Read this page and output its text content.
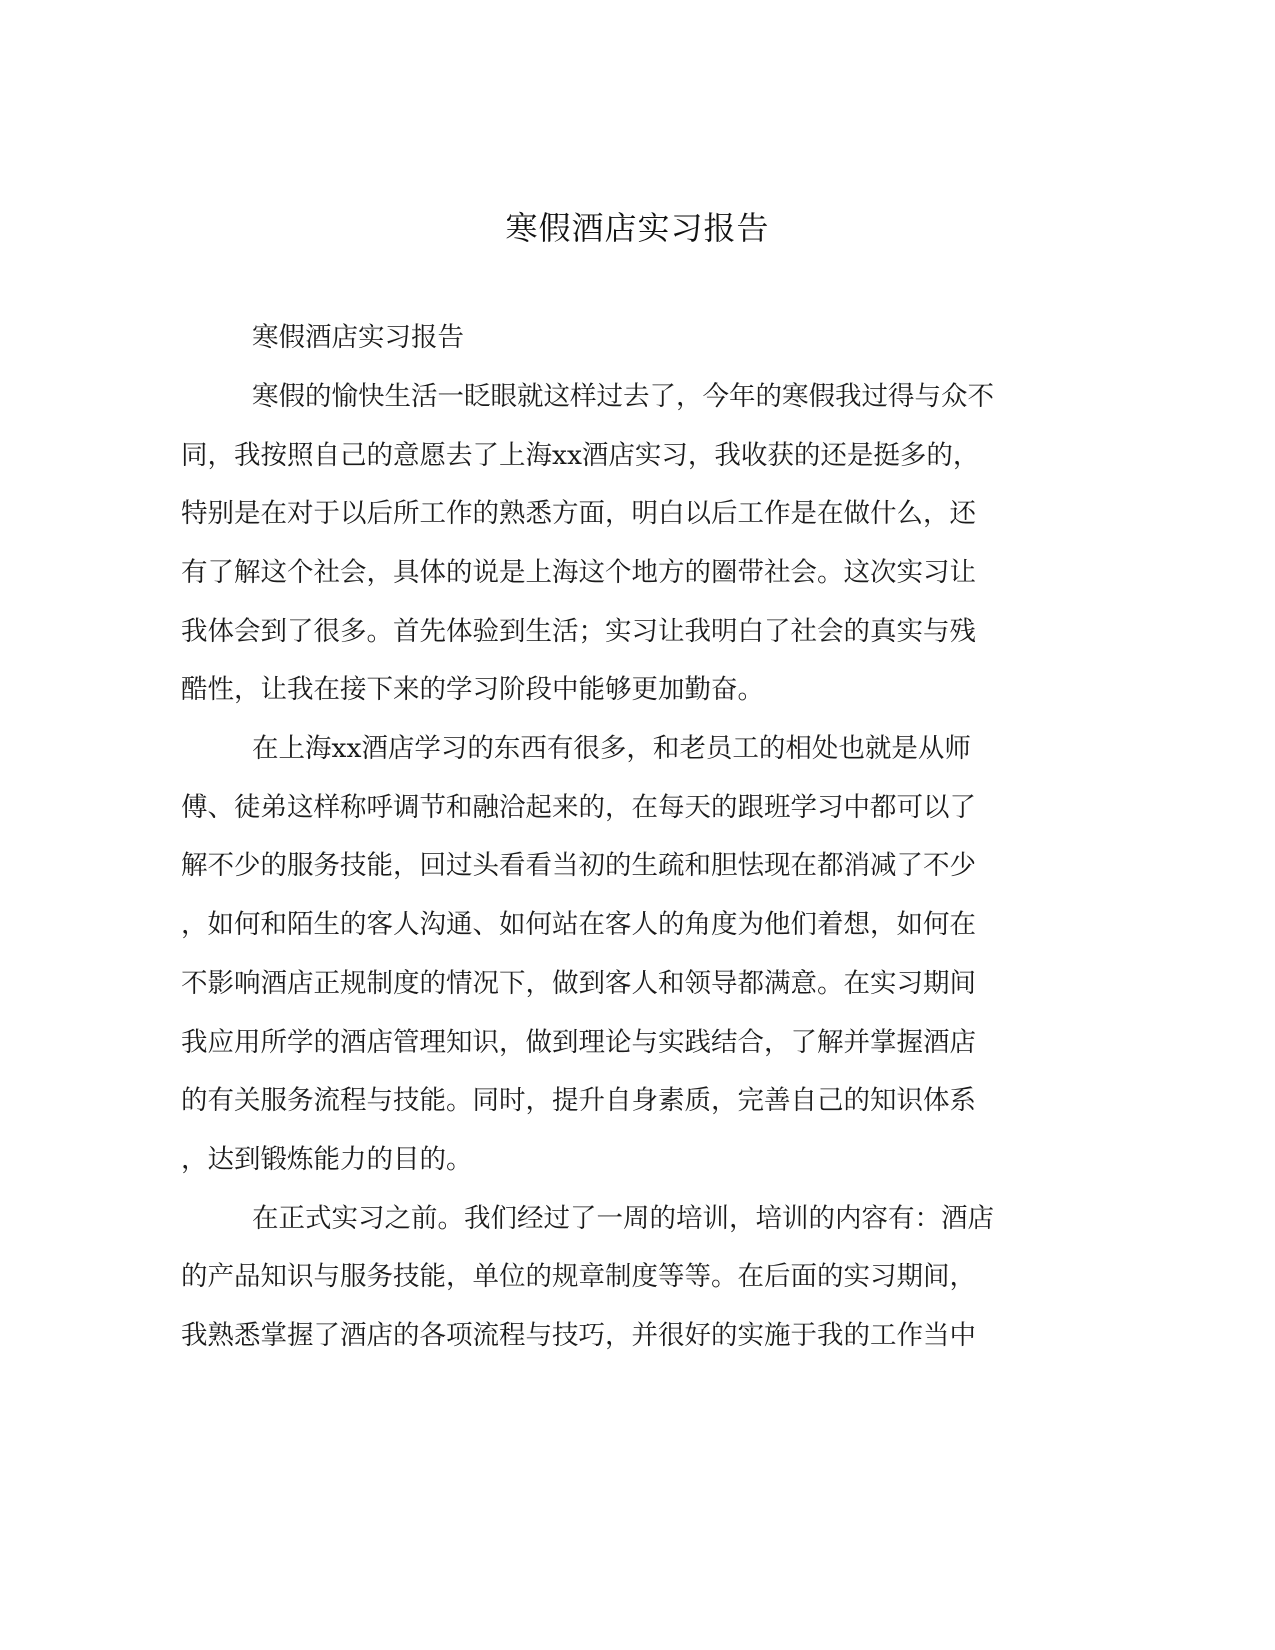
寒假酒店实习报告
寒假酒店实习报告
寒假的愉快生活一眨眼就这样过去了，今年的寒假我过得与众不
同，我按照自己的意愿去了上海xx酒店实习，我收获的还是挺多的，
特别是在对于以后所工作的熟悉方面，明白以后工作是在做什么，还
有了解这个社会，具体的说是上海这个地方的圈带社会。这次实习让
我体会到了很多。首先体验到生活；实习让我明白了社会的真实与残
酷性，让我在接下来的学习阶段中能够更加勤奋。
在上海xx酒店学习的东西有很多，和老员工的相处也就是从师
傅、徒弟这样称呼调节和融洽起来的，在每天的跟班学习中都可以了
解不少的服务技能，回过头看看当初的生疏和胆怯现在都消减了不少
，如何和陌生的客人沟通、如何站在客人的角度为他们着想，如何在
不影响酒店正规制度的情况下，做到客人和领导都满意。在实习期间
我应用所学的酒店管理知识，做到理论与实践结合，了解并掌握酒店
的有关服务流程与技能。同时，提升自身素质，完善自己的知识体系
，达到锻炼能力的目的。
在正式实习之前。我们经过了一周的培训，培训的内容有：酒店
的产品知识与服务技能，单位的规章制度等等。在后面的实习期间，
我熟悉掌握了酒店的各项流程与技巧，并很好的实施于我的工作当中
